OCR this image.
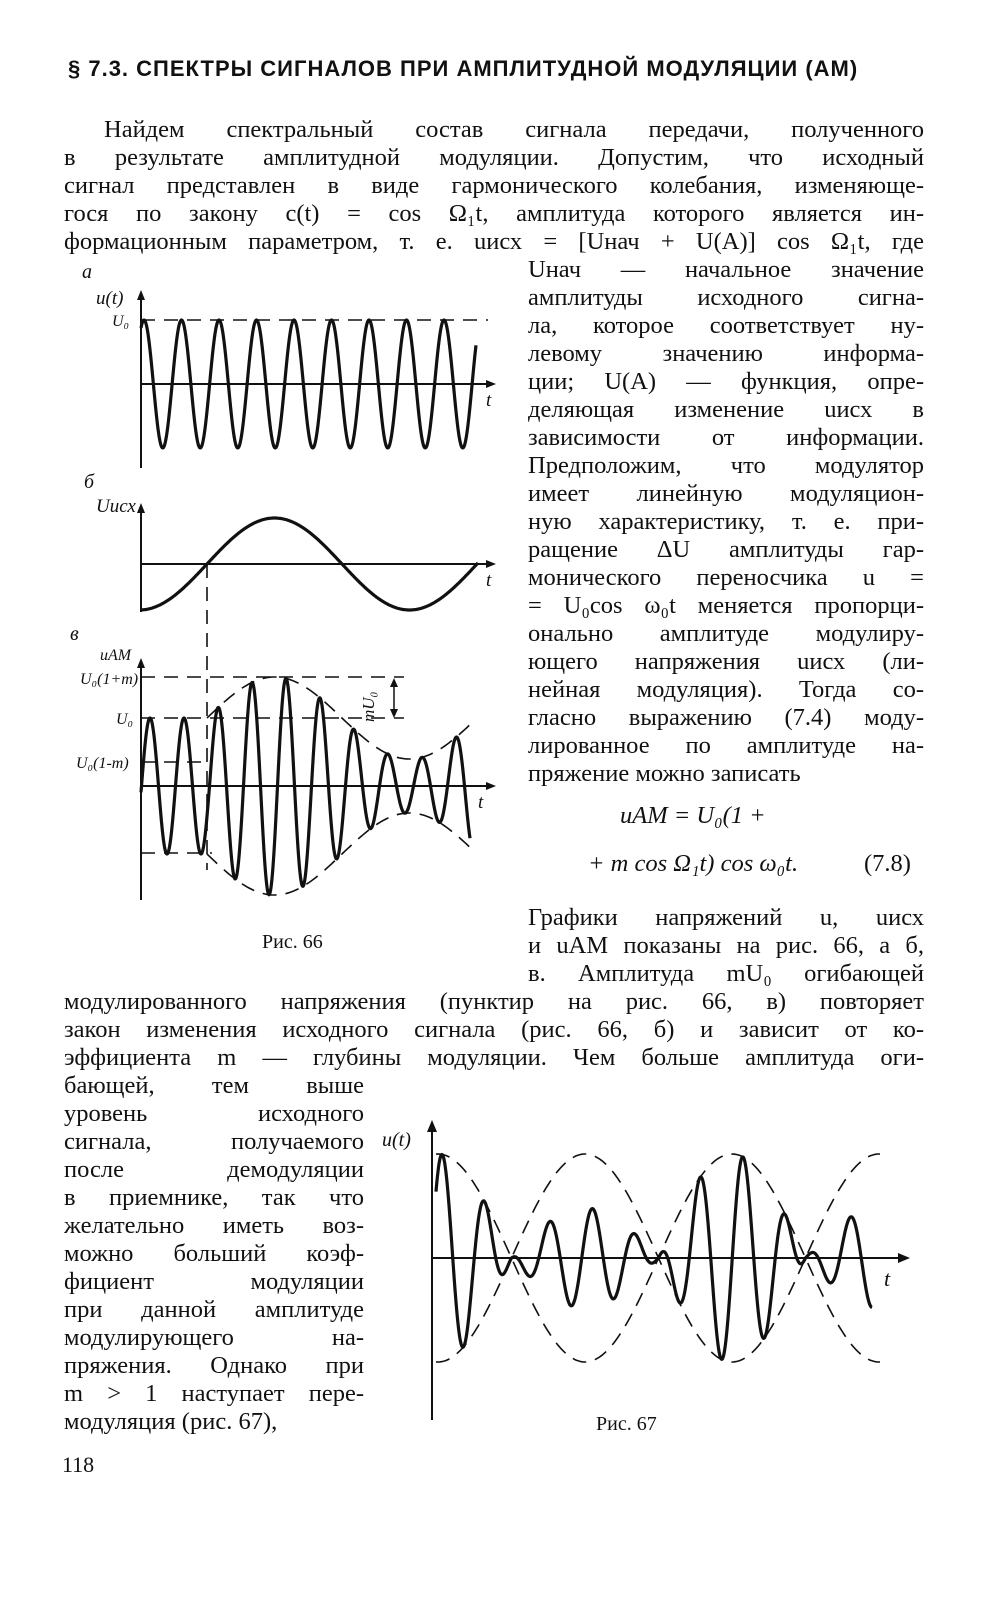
§ 7.3. СПЕКТРЫ СИГНАЛОВ ПРИ АМПЛИТУДНОЙ МОДУЛЯЦИИ (АМ)
Найдем спектральный состав сигнала передачи, полученного
в результате амплитудной модуляции. Допустим, что исходный
сигнал представлен в виде гармонического колебания, изменяюще-
гося по закону c(t) = cos Ω₁t, амплитуда которого является ин-
формационным параметром, т. е. uисх = [Uнач + U(A)] cos Ω₁t, где
Uнач — начальное значение
амплитуды исходного сигна-
ла, которое соответствует ну-
левому значению информа-
ции; U(A) — функция, опре-
деляющая изменение uисх в
зависимости от информации.
Предположим, что модулятор
имеет линейную модуляцион-
ную характеристику, т. е. при-
ращение ΔU амплитуды гар-
монического переносчика u =
= U₀cos ω₀t меняется пропорци-
онально амплитуде модулиру-
ющего напряжения uисх (ли-
нейная модуляция). Тогда со-
гласно выражению (7.4) моду-
лированное по амплитуде на-
пряжение можно записать
uАМ = U₀(1 +
+ m cos Ω₁t) cos ω₀t.	(7.8)
Графики напряжений u, uисх
и uАМ показаны на рис. 66, а б,
в. Амплитуда mU₀ огибающей
модулированного напряжения (пунктир на рис. 66, в) повторяет
закон изменения исходного сигнала (рис. 66, б) и зависит от ко-
эффициента m — глубины модуляции. Чем больше амплитуда оги-
бающей, тем выше
уровень исходного
сигнала, получаемого
после демодуляции
в приемнике, так что
желательно иметь воз-
можно больший коэф-
фициент модуляции
при данной амплитуде
модулирующего на-
пряжения. Однако при
m > 1 наступает пере-
модуляция (рис. 67),
118
а
u(t)
U₀
t
б
Uисх
t
в
uАМ
U₀(1+m)
U₀
U₀(1-m)
t
mU₀
Рис. 66
u(t)
t
Рис. 67
